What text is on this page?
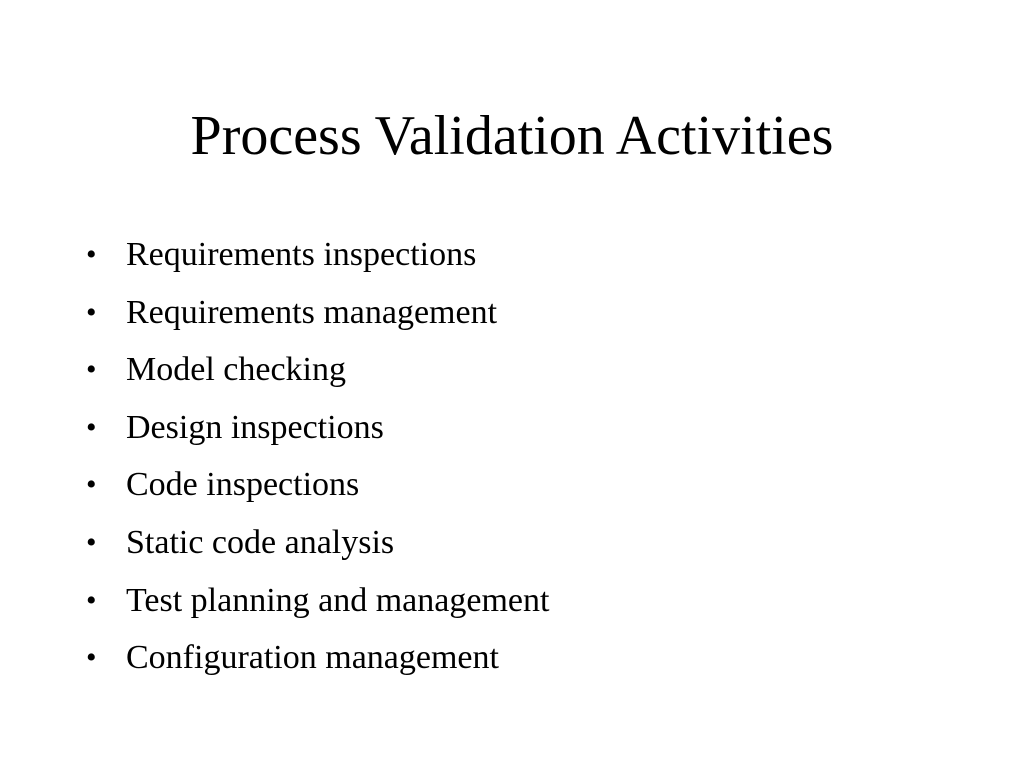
Process Validation Activities
• Requirements inspections
• Requirements management
• Model checking
• Design inspections
• Code inspections
• Static code analysis
• Test planning and management
• Configuration management
